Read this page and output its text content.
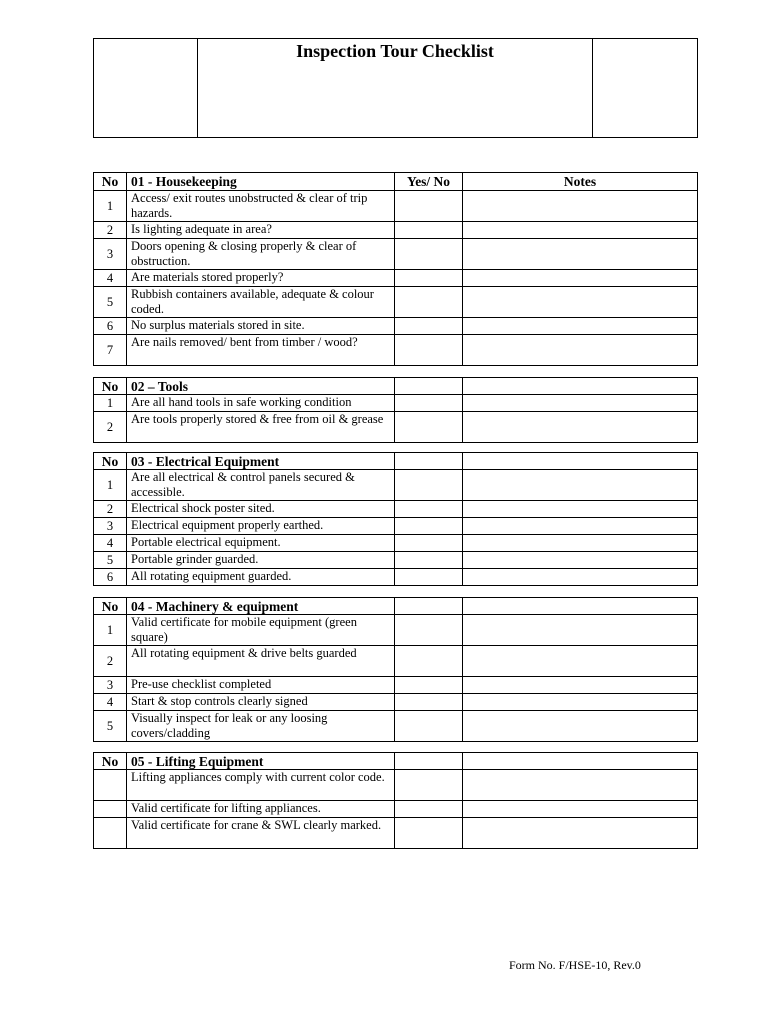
	Inspection Tour Checklist	
No	01 - Housekeeping	Yes/ No	Notes
1	Access/ exit routes unobstructed & clear of trip hazards.		
2	Is lighting adequate in area?		
3	Doors opening & closing properly & clear of obstruction.		
4	Are materials stored properly?		
5	Rubbish containers available, adequate & colour coded.		
6	No surplus materials stored in site.		
7	Are nails removed/ bent from timber / wood?		
No	02 – Tools		
1	Are all hand tools in safe working condition		
2	Are tools properly stored & free from oil & grease		
No	03 - Electrical Equipment		
1	Are all electrical & control panels secured & accessible.		
2	Electrical shock poster sited.		
3	Electrical equipment properly earthed.		
4	Portable electrical equipment.		
5	Portable grinder guarded.		
6	All rotating equipment guarded.		
No	04 - Machinery & equipment		
1	Valid certificate for mobile equipment (green square)		
2	All rotating equipment & drive belts guarded		
3	Pre-use checklist completed		
4	Start & stop controls clearly signed		
5	Visually inspect for leak or any loosing covers/cladding		
No	05 - Lifting Equipment		
	Lifting appliances comply with current color code.		
	Valid certificate for lifting appliances.		
	Valid certificate for crane & SWL clearly marked.		
Form No. F/HSE-10, Rev.0
